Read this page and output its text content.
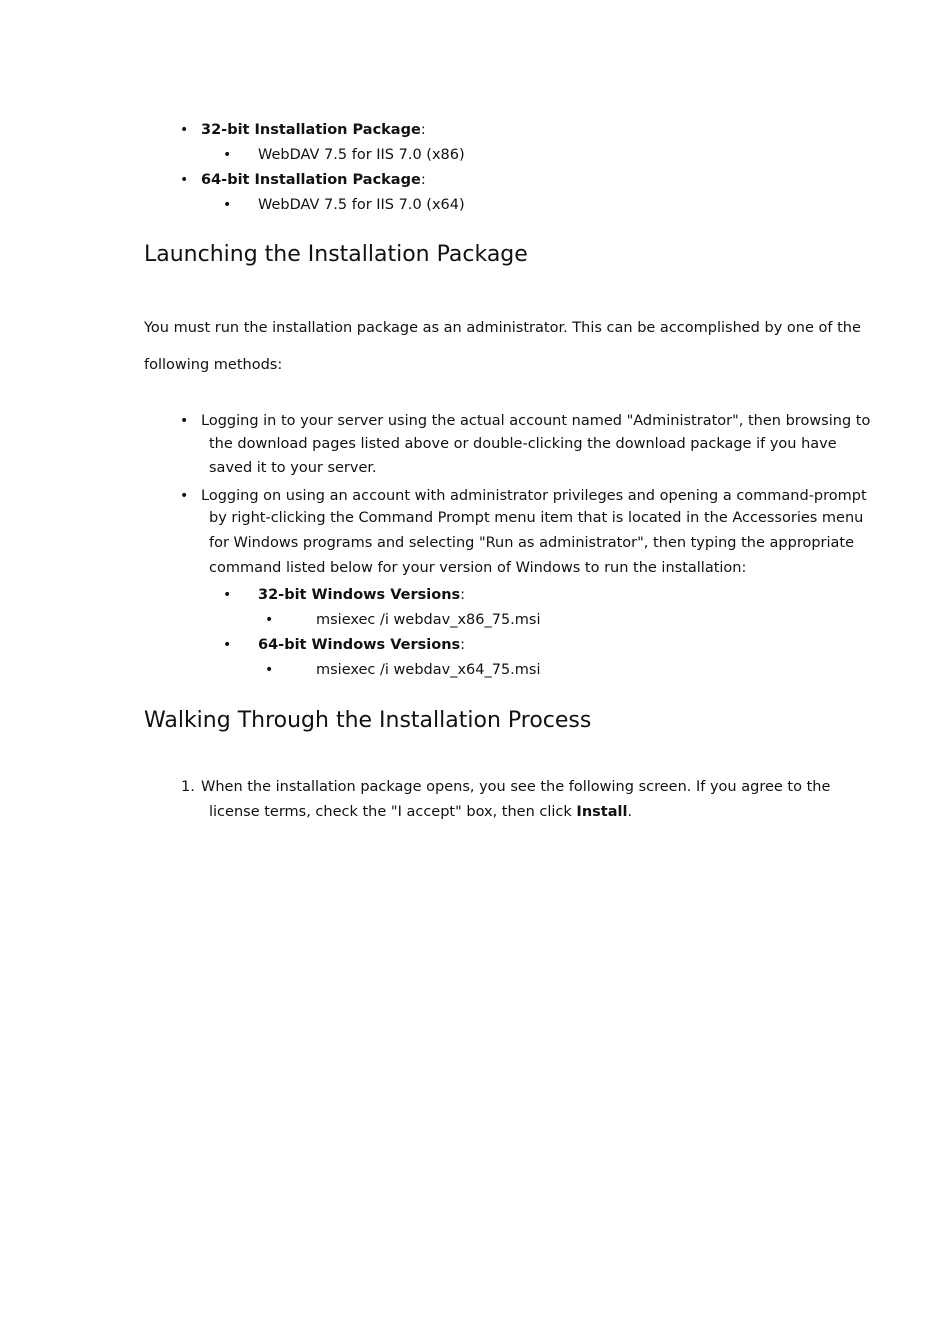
• 32-bit Installation Package:
• WebDAV 7.5 for IIS 7.0 (x86)
• 64-bit Installation Package:
• WebDAV 7.5 for IIS 7.0 (x64)
Launching the Installation Package
You must run the installation package as an administrator. This can be accomplished by one of the
following methods:
• Logging in to your server using the actual account named "Administrator", then browsing to
the download pages listed above or double-clicking the download package if you have
saved it to your server.
• Logging on using an account with administrator privileges and opening a command-prompt
by right-clicking the Command Prompt menu item that is located in the Accessories menu
for Windows programs and selecting "Run as administrator", then typing the appropriate
command listed below for your version of Windows to run the installation:
• 32-bit Windows Versions:
•	msiexec /i webdav_x86_75.msi
• 64-bit Windows Versions:
•	msiexec /i webdav_x64_75.msi
Walking Through the Installation Process
1. When the installation package opens, you see the following screen. If you agree to the
license terms, check the "I accept" box, then click Install.
